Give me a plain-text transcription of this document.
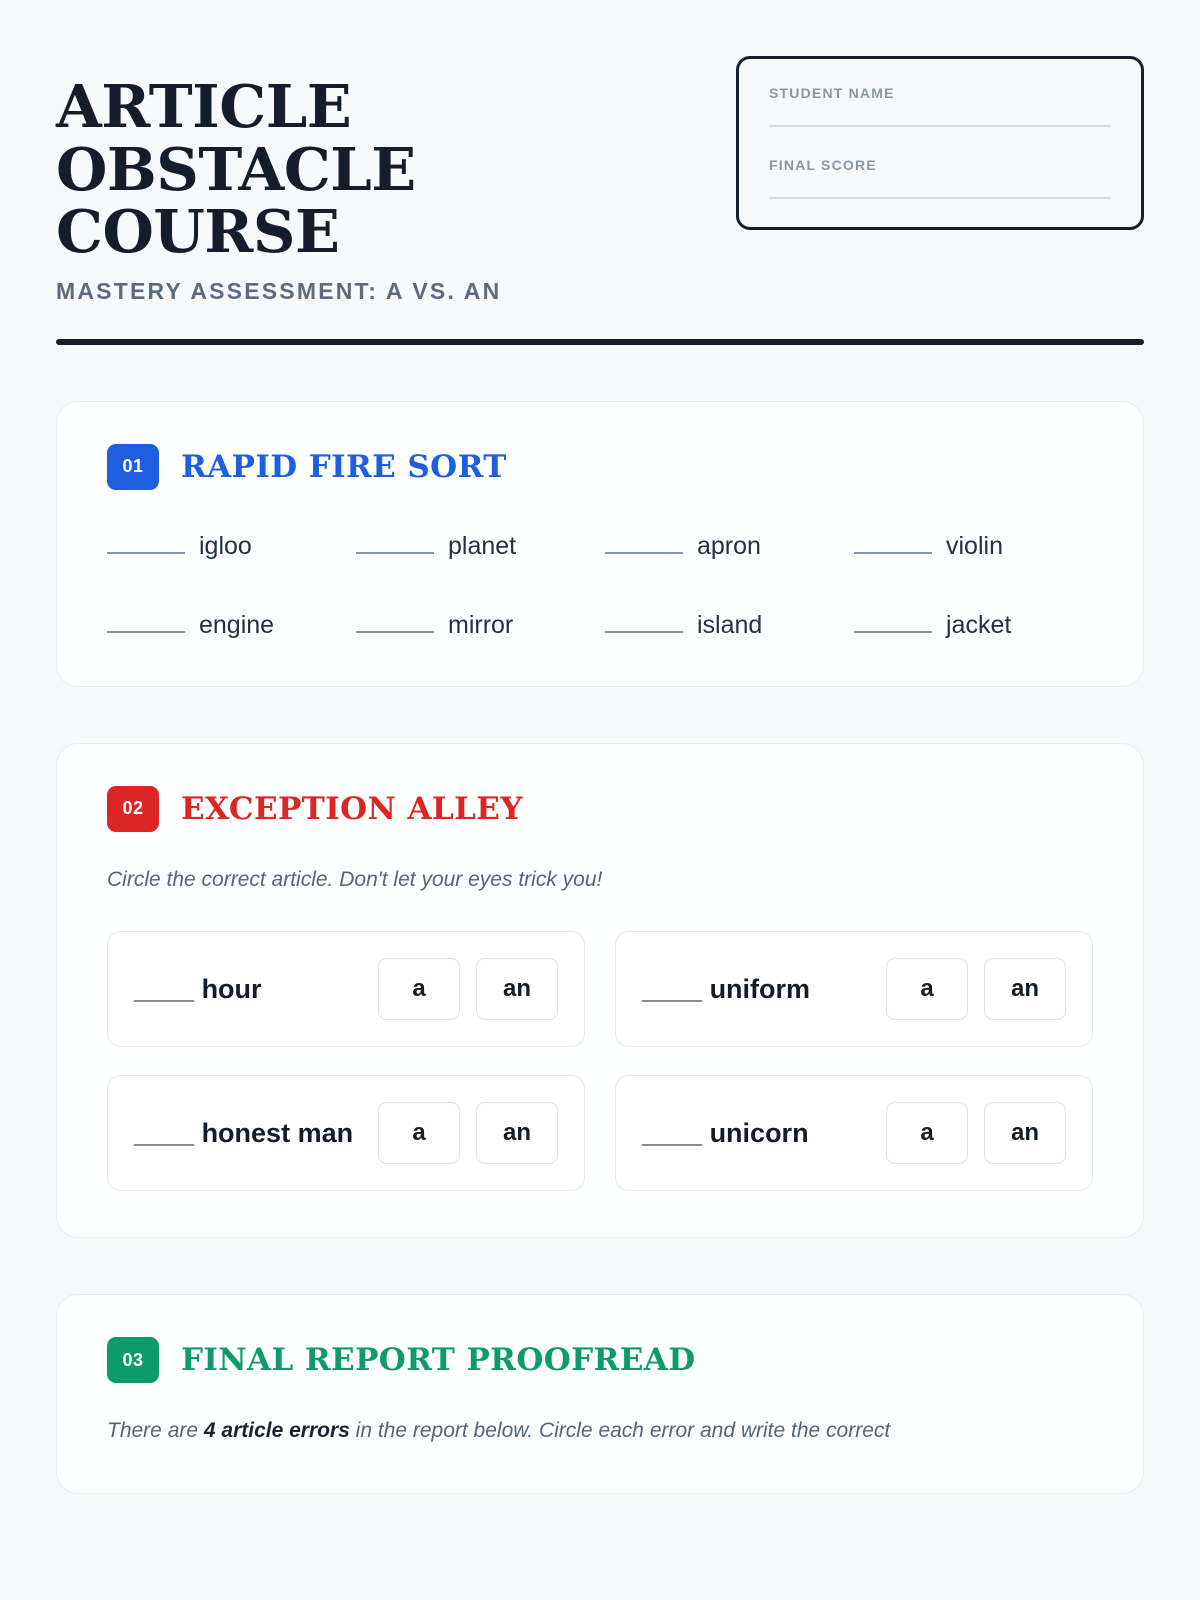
ARTICLE OBSTACLE COURSE
MASTERY ASSESSMENT: A VS. AN
STUDENT NAME
FINAL SCORE
01	RAPID FIRE SORT
igloo	planet	apron	violin
engine	mirror	island	jacket
02	EXCEPTION ALLEY
Circle the correct article. Don't let your eyes trick you!
____ hour	a	an	____ uniform	a	an
____ honest man	a	an	____ unicorn	a	an
03	FINAL REPORT PROOFREAD
There are 4 article errors in the report below. Circle each error and write the correct
